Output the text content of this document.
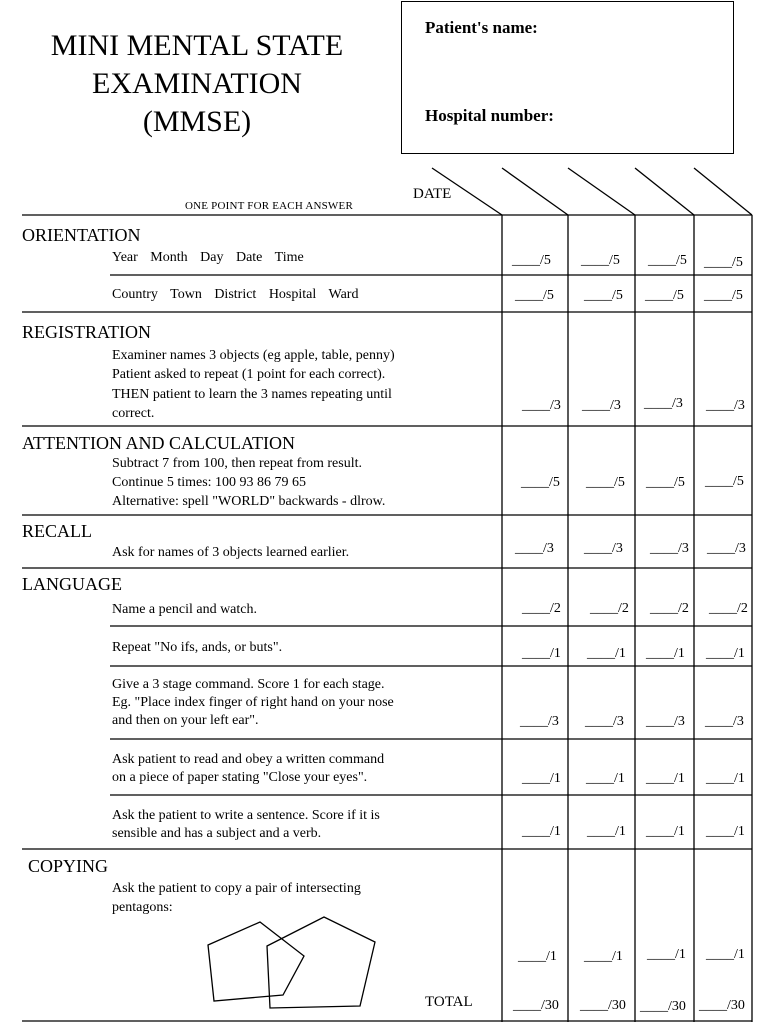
MINI MENTAL STATE
EXAMINATION
(MMSE)
Patient's name:
Hospital number:
ONE POINT FOR EACH ANSWER
DATE
ORIENTATION
Year Month Day Date Time
Country Town District Hospital Ward
REGISTRATION
Examiner names 3 objects (eg apple, table, penny)
Patient asked to repeat (1 point for each correct).
THEN patient to learn the 3 names repeating until
correct.
ATTENTION AND CALCULATION
Subtract 7 from 100, then repeat from result.
Continue 5 times: 100 93 86 79 65
Alternative: spell "WORLD" backwards - dlrow.
RECALL
Ask for names of 3 objects learned earlier.
LANGUAGE
Name a pencil and watch.
Repeat "No ifs, ands, or buts".
Give a 3 stage command. Score 1 for each stage.
Eg. "Place index finger of right hand on your nose
and then on your left ear".
Ask patient to read and obey a written command
on a piece of paper stating "Close your eyes".
Ask the patient to write a sentence. Score if it is
sensible and has a subject and a verb.
COPYING
Ask the patient to copy a pair of intersecting
pentagons:
TOTAL
____/5 ____/5 ____/5 ____/5
____/5 ____/5 ____/5 ____/5
____/3 ____/3 ____/3 ____/3
____/5 ____/5 ____/5 ____/5
____/3 ____/3 ____/3 ____/3
____/2 ____/2 ____/2 ____/2
____/1 ____/1 ____/1 ____/1
____/3 ____/3 ____/3 ____/3
____/1 ____/1 ____/1 ____/1
____/1 ____/1 ____/1 ____/1
____/1 ____/1 ____/1 ____/1
____/30 ____/30 ____/30 ____/30
